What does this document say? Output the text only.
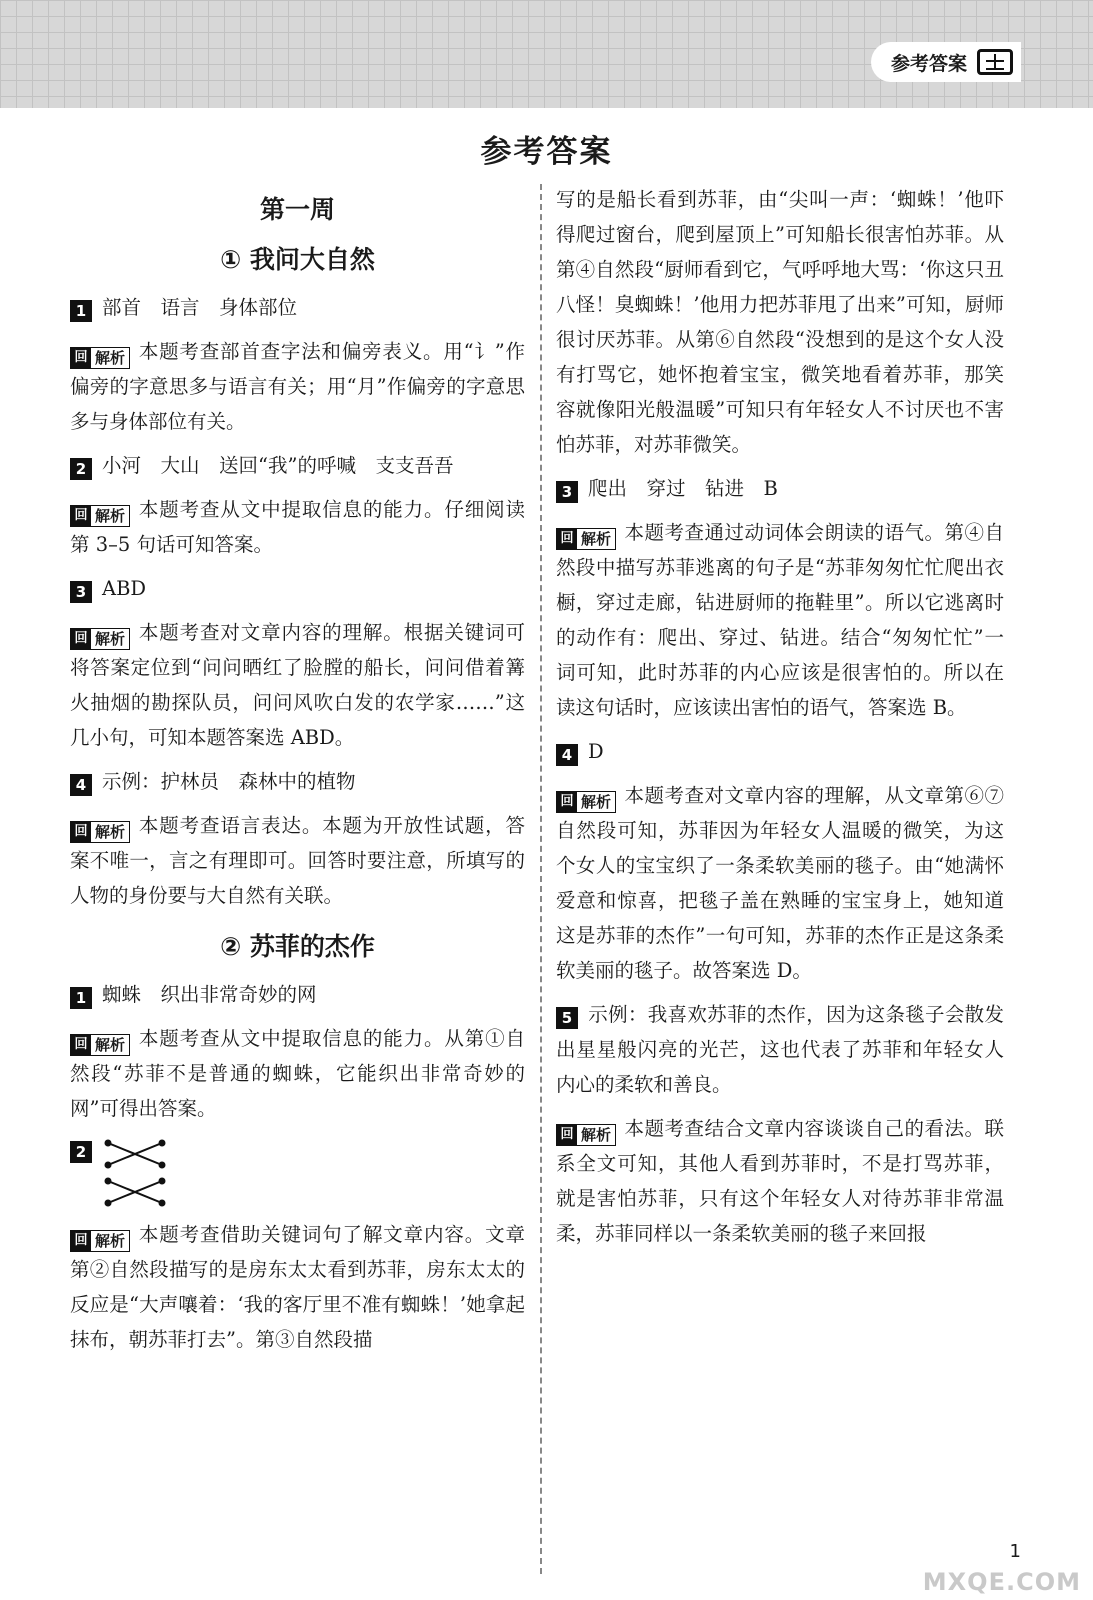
参考答案
参考答案
第一周
① 我问大自然

1 部首　语言　身体部位

回 解析 本题考查部首查字法和偏旁表义。用“讠”作偏旁的字意思多与语言有关；用“月”作偏旁的字意思多与身体部位有关。

2 小河　大山　送回“我”的呼喊　支支吾吾

回 解析 本题考查从文中提取信息的能力。仔细阅读第 3–5 句话可知答案。

3 ABD

回 解析 本题考查对文章内容的理解。根据关键词可将答案定位到“问问晒红了脸膛的船长，问问借着篝火抽烟的勘探队员，问问风吹白发的农学家……”这几小句，可知本题答案选 ABD。

4 示例：护林员　森林中的植物

回 解析 本题考查语言表达。本题为开放性试题，答案不唯一，言之有理即可。回答时要注意，所填写的人物的身份要与大自然有关联。

② 苏菲的杰作

1 蜘蛛　织出非常奇妙的网

回 解析 本题考查从文中提取信息的能力。从第①自然段“苏菲不是普通的蜘蛛，它能织出非常奇妙的网”可得出答案。

2

回 解析 本题考查借助关键词句了解文章内容。文章第②自然段描写的是房东太太看到苏菲，房东太太的反应是“大声嚷着：‘我的客厅里不准有蜘蛛！’她拿起抹布，朝苏菲打去”。第③自然段描

写的是船长看到苏菲，由“尖叫一声：‘蜘蛛！’他吓得爬过窗台，爬到屋顶上”可知船长很害怕苏菲。从第④自然段“厨师看到它，气呼呼地大骂：‘你这只丑八怪！臭蜘蛛！’他用力把苏菲甩了出来”可知，厨师很讨厌苏菲。从第⑥自然段“没想到的是这个女人没有打骂它，她怀抱着宝宝，微笑地看着苏菲，那笑容就像阳光般温暖”可知只有年轻女人不讨厌也不害怕苏菲，对苏菲微笑。

3 爬出　穿过　钻进　B

回 解析 本题考查通过动词体会朗读的语气。第④自然段中描写苏菲逃离的句子是“苏菲匆匆忙忙爬出衣橱，穿过走廊，钻进厨师的拖鞋里”。所以它逃离时的动作有：爬出、穿过、钻进。结合“匆匆忙忙”一词可知，此时苏菲的内心应该是很害怕的。所以在读这句话时，应该读出害怕的语气，答案选 B。

4 D

回 解析 本题考查对文章内容的理解，从文章第⑥⑦自然段可知，苏菲因为年轻女人温暖的微笑，为这个女人的宝宝织了一条柔软美丽的毯子。由“她满怀爱意和惊喜，把毯子盖在熟睡的宝宝身上，她知道这是苏菲的杰作”一句可知，苏菲的杰作正是这条柔软美丽的毯子。故答案选 D。

5 示例：我喜欢苏菲的杰作，因为这条毯子会散发出星星般闪亮的光芒，这也代表了苏菲和年轻女人内心的柔软和善良。

回 解析 本题考查结合文章内容谈谈自己的看法。联系全文可知，其他人看到苏菲时，不是打骂苏菲，就是害怕苏菲，只有这个年轻女人对待苏菲非常温柔，苏菲同样以一条柔软美丽的毯子来回报

1
MXQE.COM
